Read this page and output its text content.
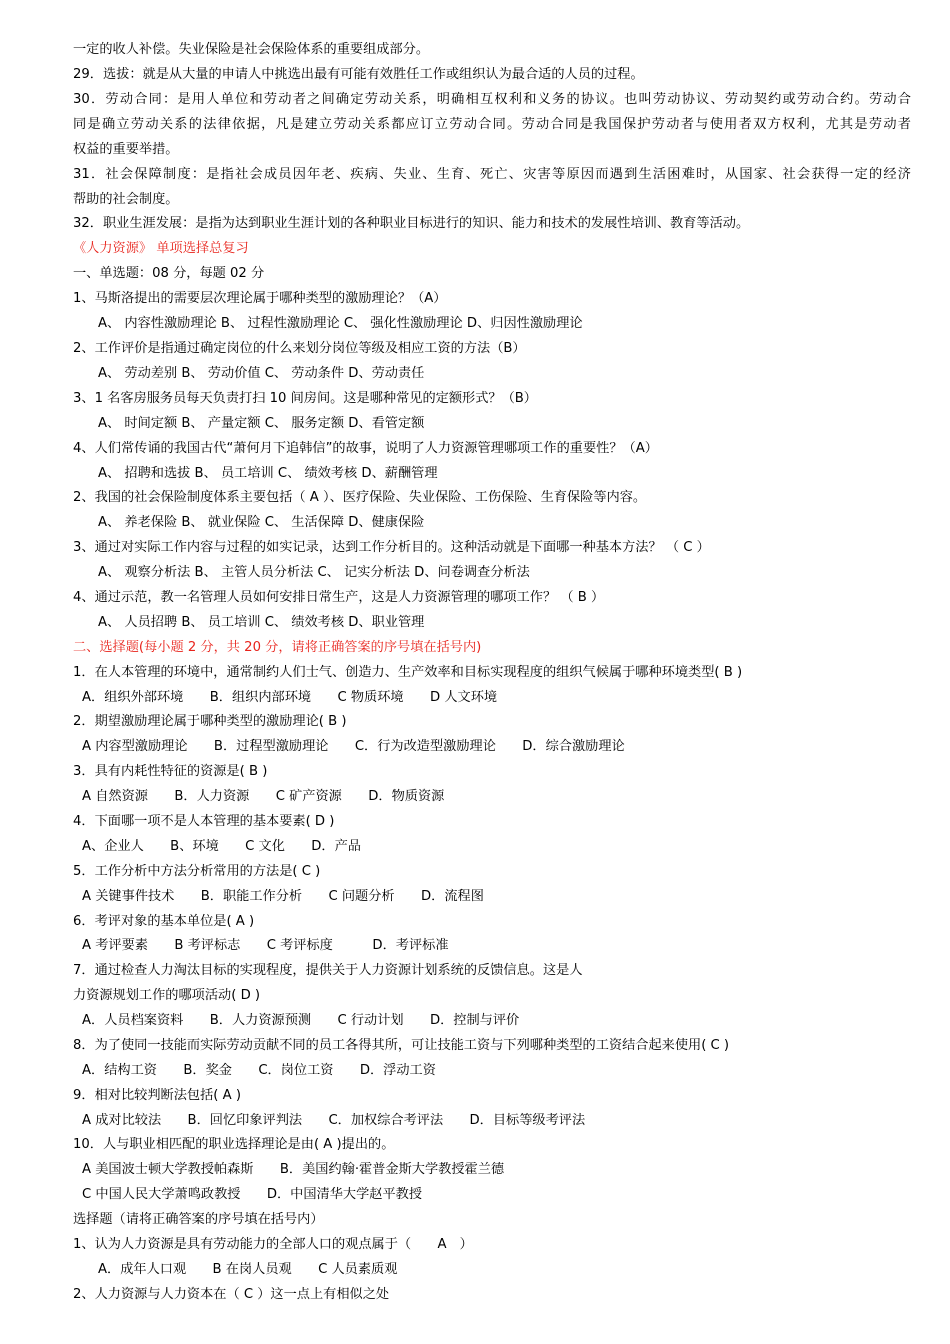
一定的收人补偿。失业保险是社会保险体系的重要组成部分。

29．选拔：就是从大量的申请人中挑选出最有可能有效胜任工作或组织认为最合适的人员的过程。

30．劳动合同：是用人单位和劳动者之间确定劳动关系，明确相互权利和义务的协议。也叫劳动协议、劳动契约或劳动合约。劳动合

同是确立劳动关系的法律依据，凡是建立劳动关系都应订立劳动合同。劳动合同是我国保护劳动者与使用者双方权利，尤其是劳动者

权益的重要举措。

31．社会保障制度：是指社会成员因年老、疾病、失业、生育、死亡、灾害等原因而遇到生活困难时，从国家、社会获得一定的经济

帮助的社会制度。

32．职业生涯发展：是指为达到职业生涯计划的各种职业目标进行的知识、能力和技术的发展性培训、教育等活动。

《人力资源》 单项选择总复习

一、单选题：08 分，每题 02 分

1、马斯洛提出的需要层次理论属于哪种类型的激励理论？（A）

A、 内容性激励理论 B、 过程性激励理论 C、 强化性激励理论 D、归因性激励理论

2、工作评价是指通过确定岗位的什么来划分岗位等级及相应工资的方法（B）

A、 劳动差别 B、 劳动价值 C、 劳动条件 D、劳动责任

3、1 名客房服务员每天负责打扫 10 间房间。这是哪种常见的定额形式？（B）

A、 时间定额 B、 产量定额 C、 服务定额 D、看管定额

4、人们常传诵的我国古代“萧何月下追韩信”的故事，说明了人力资源管理哪项工作的重要性？（A）

A、 招聘和选拔 B、 员工培训 C、 绩效考核 D、薪酬管理

2、我国的社会保险制度体系主要包括（ A ）、医疗保险、失业保险、工伤保险、生育保险等内容。

A、 养老保险 B、 就业保险 C、 生活保障 D、健康保险

3、通过对实际工作内容与过程的如实记录，达到工作分析目的。这种活动就是下面哪一种基本方法？ （ C ）

A、 观察分析法 B、 主管人员分析法 C、 记实分析法 D、问卷调查分析法

4、通过示范，教一名管理人员如何安排日常生产，这是人力资源管理的哪项工作？ （ B ）

A、 人员招聘 B、 员工培训 C、 绩效考核 D、职业管理

二、选择题(每小题 2 分，共 20 分，请将正确答案的序号填在括号内)

1．在人本管理的环境中，通常制约人们士气、创造力、生产效率和目标实现程度的组织气候属于哪种环境类型( B )

A．组织外部环境　　B．组织内部环境　　C 物质环境　　D 人文环境

2．期望激励理论属于哪种类型的激励理论( B )

A 内容型激励理论　　B．过程型激励理论　　C．行为改造型激励理论　　D．综合激励理论

3．具有内耗性特征的资源是( B )

A 自然资源　　B．人力资源　　C 矿产资源　　D．物质资源

4．下面哪一项不是人本管理的基本要素( D )

A、企业人　　B、环境　　C 文化　　D．产品

5．工作分析中方法分析常用的方法是( C )

A 关键事件技术　　B．职能工作分析　　C 问题分析　　D．流程图

6．考评对象的基本单位是( A )

A 考评要素　　B 考评标志　　C 考评标度　　　D．考评标准

7．通过检查人力淘汰目标的实现程度，提供关于人力资源计划系统的反馈信息。这是人

力资源规划工作的哪项活动( D )

A．人员档案资料　　B．人力资源预测　　C 行动计划　　D．控制与评价

8．为了使同一技能而实际劳动贡献不同的员工各得其所，可让技能工资与下列哪种类型的工资结合起来使用( C )

A．结构工资　　B．奖金　　C．岗位工资　　D．浮动工资

9．相对比较判断法包括( A )

A 成对比较法　　B．回忆印象评判法　　C．加权综合考评法　　D．目标等级考评法

10．人与职业相匹配的职业选择理论是由( A )提出的。

A 美国波士顿大学教授帕森斯　　B．美国约翰·霍普金斯大学教授霍兰德

C 中国人民大学萧鸣政教授　　D．中国清华大学赵平教授

选择题（请将正确答案的序号填在括号内）

1、认为人力资源是具有劳动能力的全部人口的观点属于（　　A　）

A．成年人口观　　B 在岗人员观　　C 人员素质观

2、人力资源与人力资本在（ C ）这一点上有相似之处
